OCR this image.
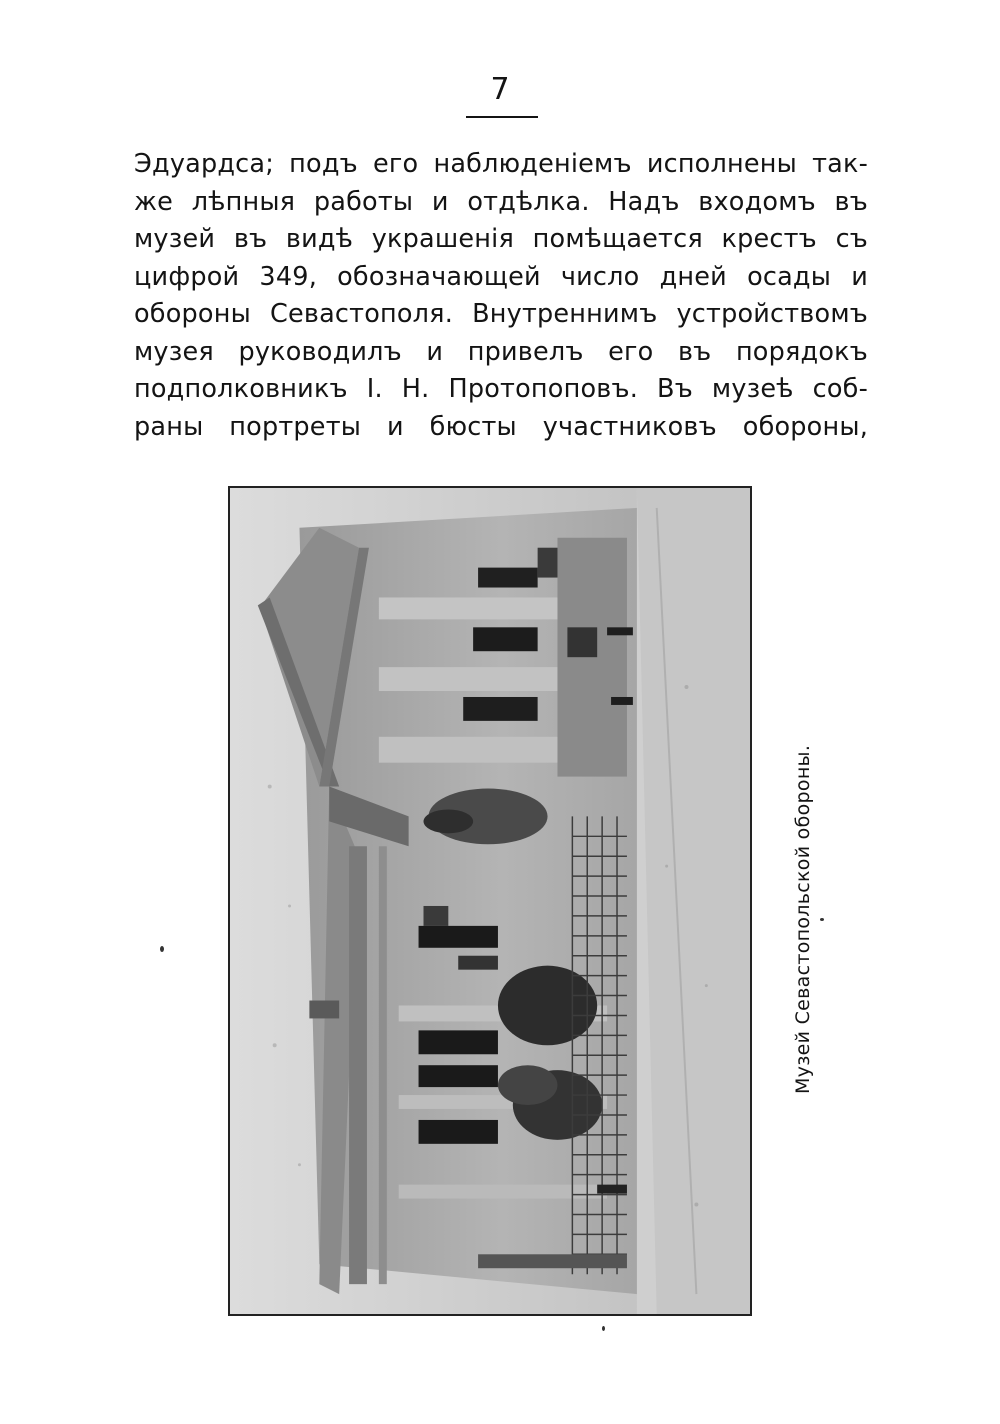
7
Эдуардса; подъ его наблюденіемъ исполнены так-
же лѣпныя работы и отдѣлка. Надъ входомъ въ
музей въ видѣ украшенія помѣщается крестъ съ
цифрой 349, обозначающей число дней осады и
обороны Севастополя. Внутреннимъ устройствомъ
музея руководилъ и привелъ его въ порядокъ
подполковникъ І. Н. Протопоповъ. Въ музеѣ соб-
раны портреты и бюсты участниковъ обороны,
Музей Севастопольской обороны.
